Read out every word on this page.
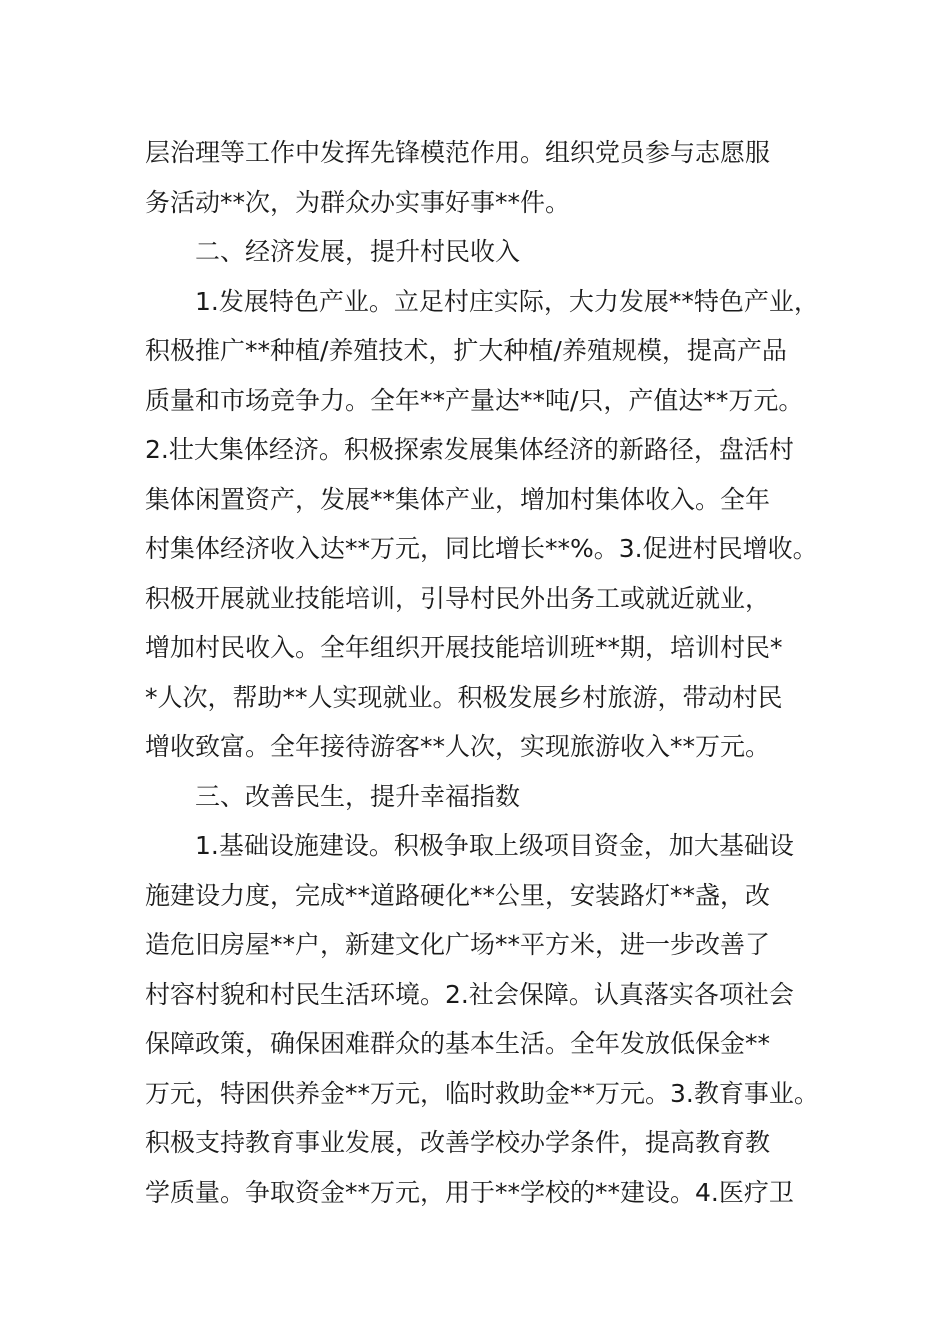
层治理等工作中发挥先锋模范作用。组织党员参与志愿服
务活动**次，为群众办实事好事**件。
二、经济发展，提升村民收入
1.发展特色产业。立足村庄实际，大力发展**特色产业，
积极推广**种植/养殖技术，扩大种植/养殖规模，提高产品
质量和市场竞争力。全年**产量达**吨/只，产值达**万元。
2.壮大集体经济。积极探索发展集体经济的新路径，盘活村
集体闲置资产，发展**集体产业，增加村集体收入。全年
村集体经济收入达**万元，同比增长**%。3.促进村民增收。
积极开展就业技能培训，引导村民外出务工或就近就业，
增加村民收入。全年组织开展技能培训班**期，培训村民*
*人次，帮助**人实现就业。积极发展乡村旅游，带动村民
增收致富。全年接待游客**人次，实现旅游收入**万元。
三、改善民生，提升幸福指数
1.基础设施建设。积极争取上级项目资金，加大基础设
施建设力度，完成**道路硬化**公里，安装路灯**盏，改
造危旧房屋**户，新建文化广场**平方米，进一步改善了
村容村貌和村民生活环境。2.社会保障。认真落实各项社会
保障政策，确保困难群众的基本生活。全年发放低保金**
万元，特困供养金**万元，临时救助金**万元。3.教育事业。
积极支持教育事业发展，改善学校办学条件，提高教育教
学质量。争取资金**万元，用于**学校的**建设。4.医疗卫
